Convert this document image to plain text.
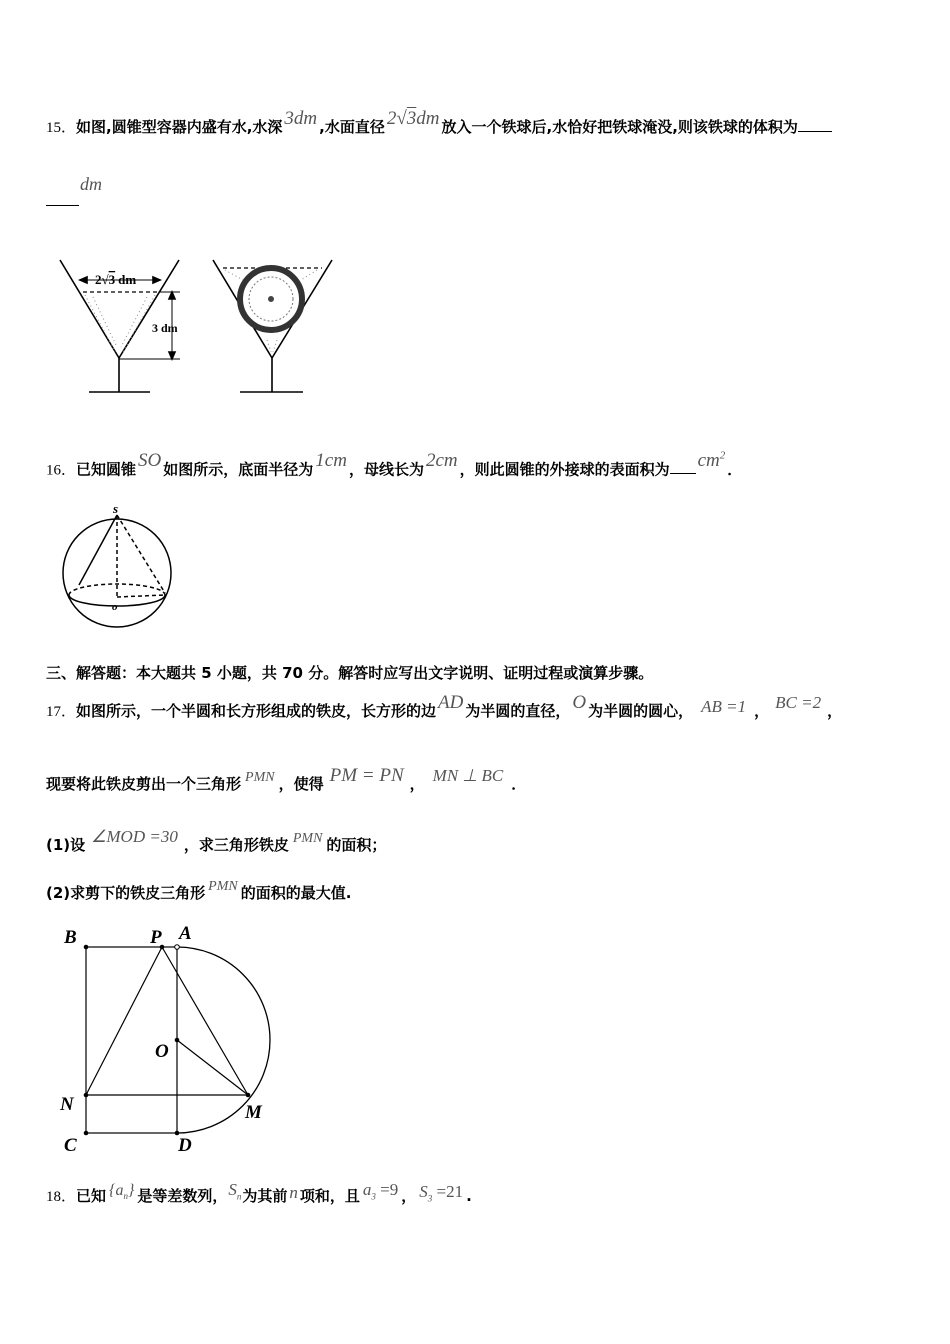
15．如图,圆锥型容器内盛有水,水深 3dm ,水面直径 2√3dm 放入一个铁球后,水恰好把铁球淹没,则该铁球的体积为
dm
2√3 dm
3 dm
16．已知圆锥 SO 如图所示，底面半径为 1cm ，母线长为 2cm ，则此圆锥的外接球的表面积为 $cm^2$．
s
o
三、解答题：本大题共 5 小题，共 70 分。解答时应写出文字说明、证明过程或演算步骤。
17．如图所示，一个半圆和长方形组成的铁皮，长方形的边 AD 为半圆的直径， O 为半圆的圆心， AB =1 ， BC =2 ，
现要将此铁皮剪出一个三角形 PMN ，使得 PM = PN ， MN ⊥ BC ．
(1)设 ∠MOD =30 ，求三角形铁皮 PMN 的面积；
(2)求剪下的铁皮三角形 PMN 的面积的最大值.
B	P A
O
N	M
C	D
18．已知 $\{a_n\}$ 是等差数列，$S_n$为其前 n 项和，且 $a_3 =9$ ， $S_3 =21$ .
